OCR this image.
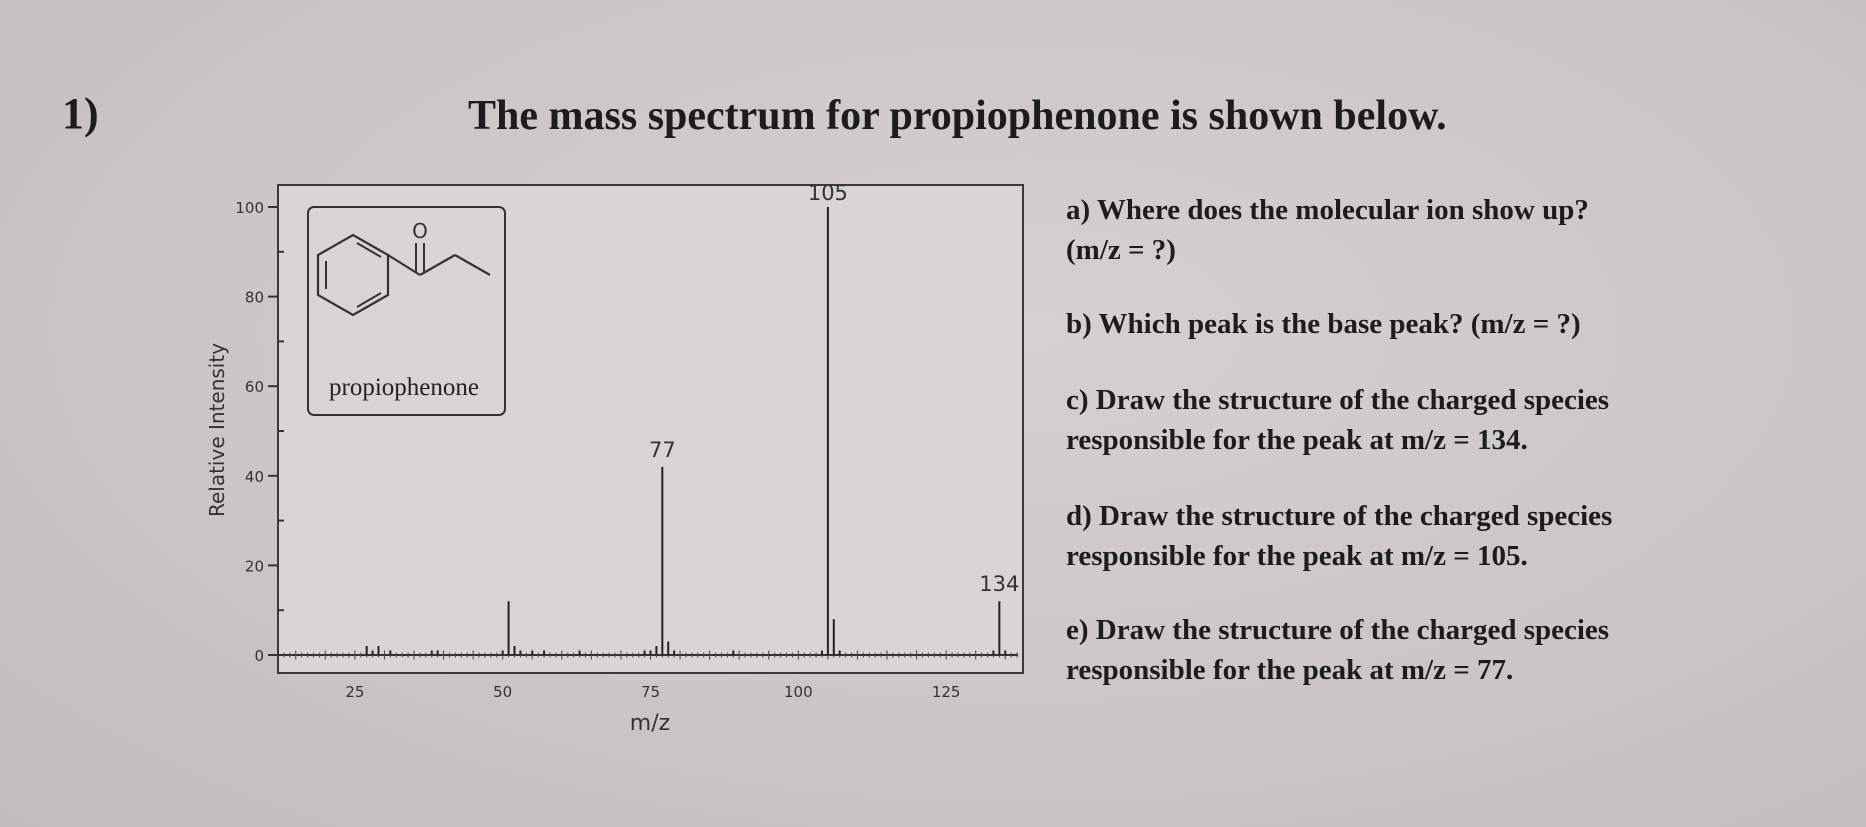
1)	The mass spectrum for propiophenone is shown below.
Relative Intensity
m/z
0
20
40
60
80
100
25	50	75	100	125
77
105
134
O
propiophenone
a) Where does the molecular ion show up?
(m/z = ?)
b) Which peak is the base peak? (m/z = ?)
c) Draw the structure of the charged species
responsible for the peak at m/z = 134.
d) Draw the structure of the charged species
responsible for the peak at m/z = 105.
e) Draw the structure of the charged species
responsible for the peak at m/z = 77.
